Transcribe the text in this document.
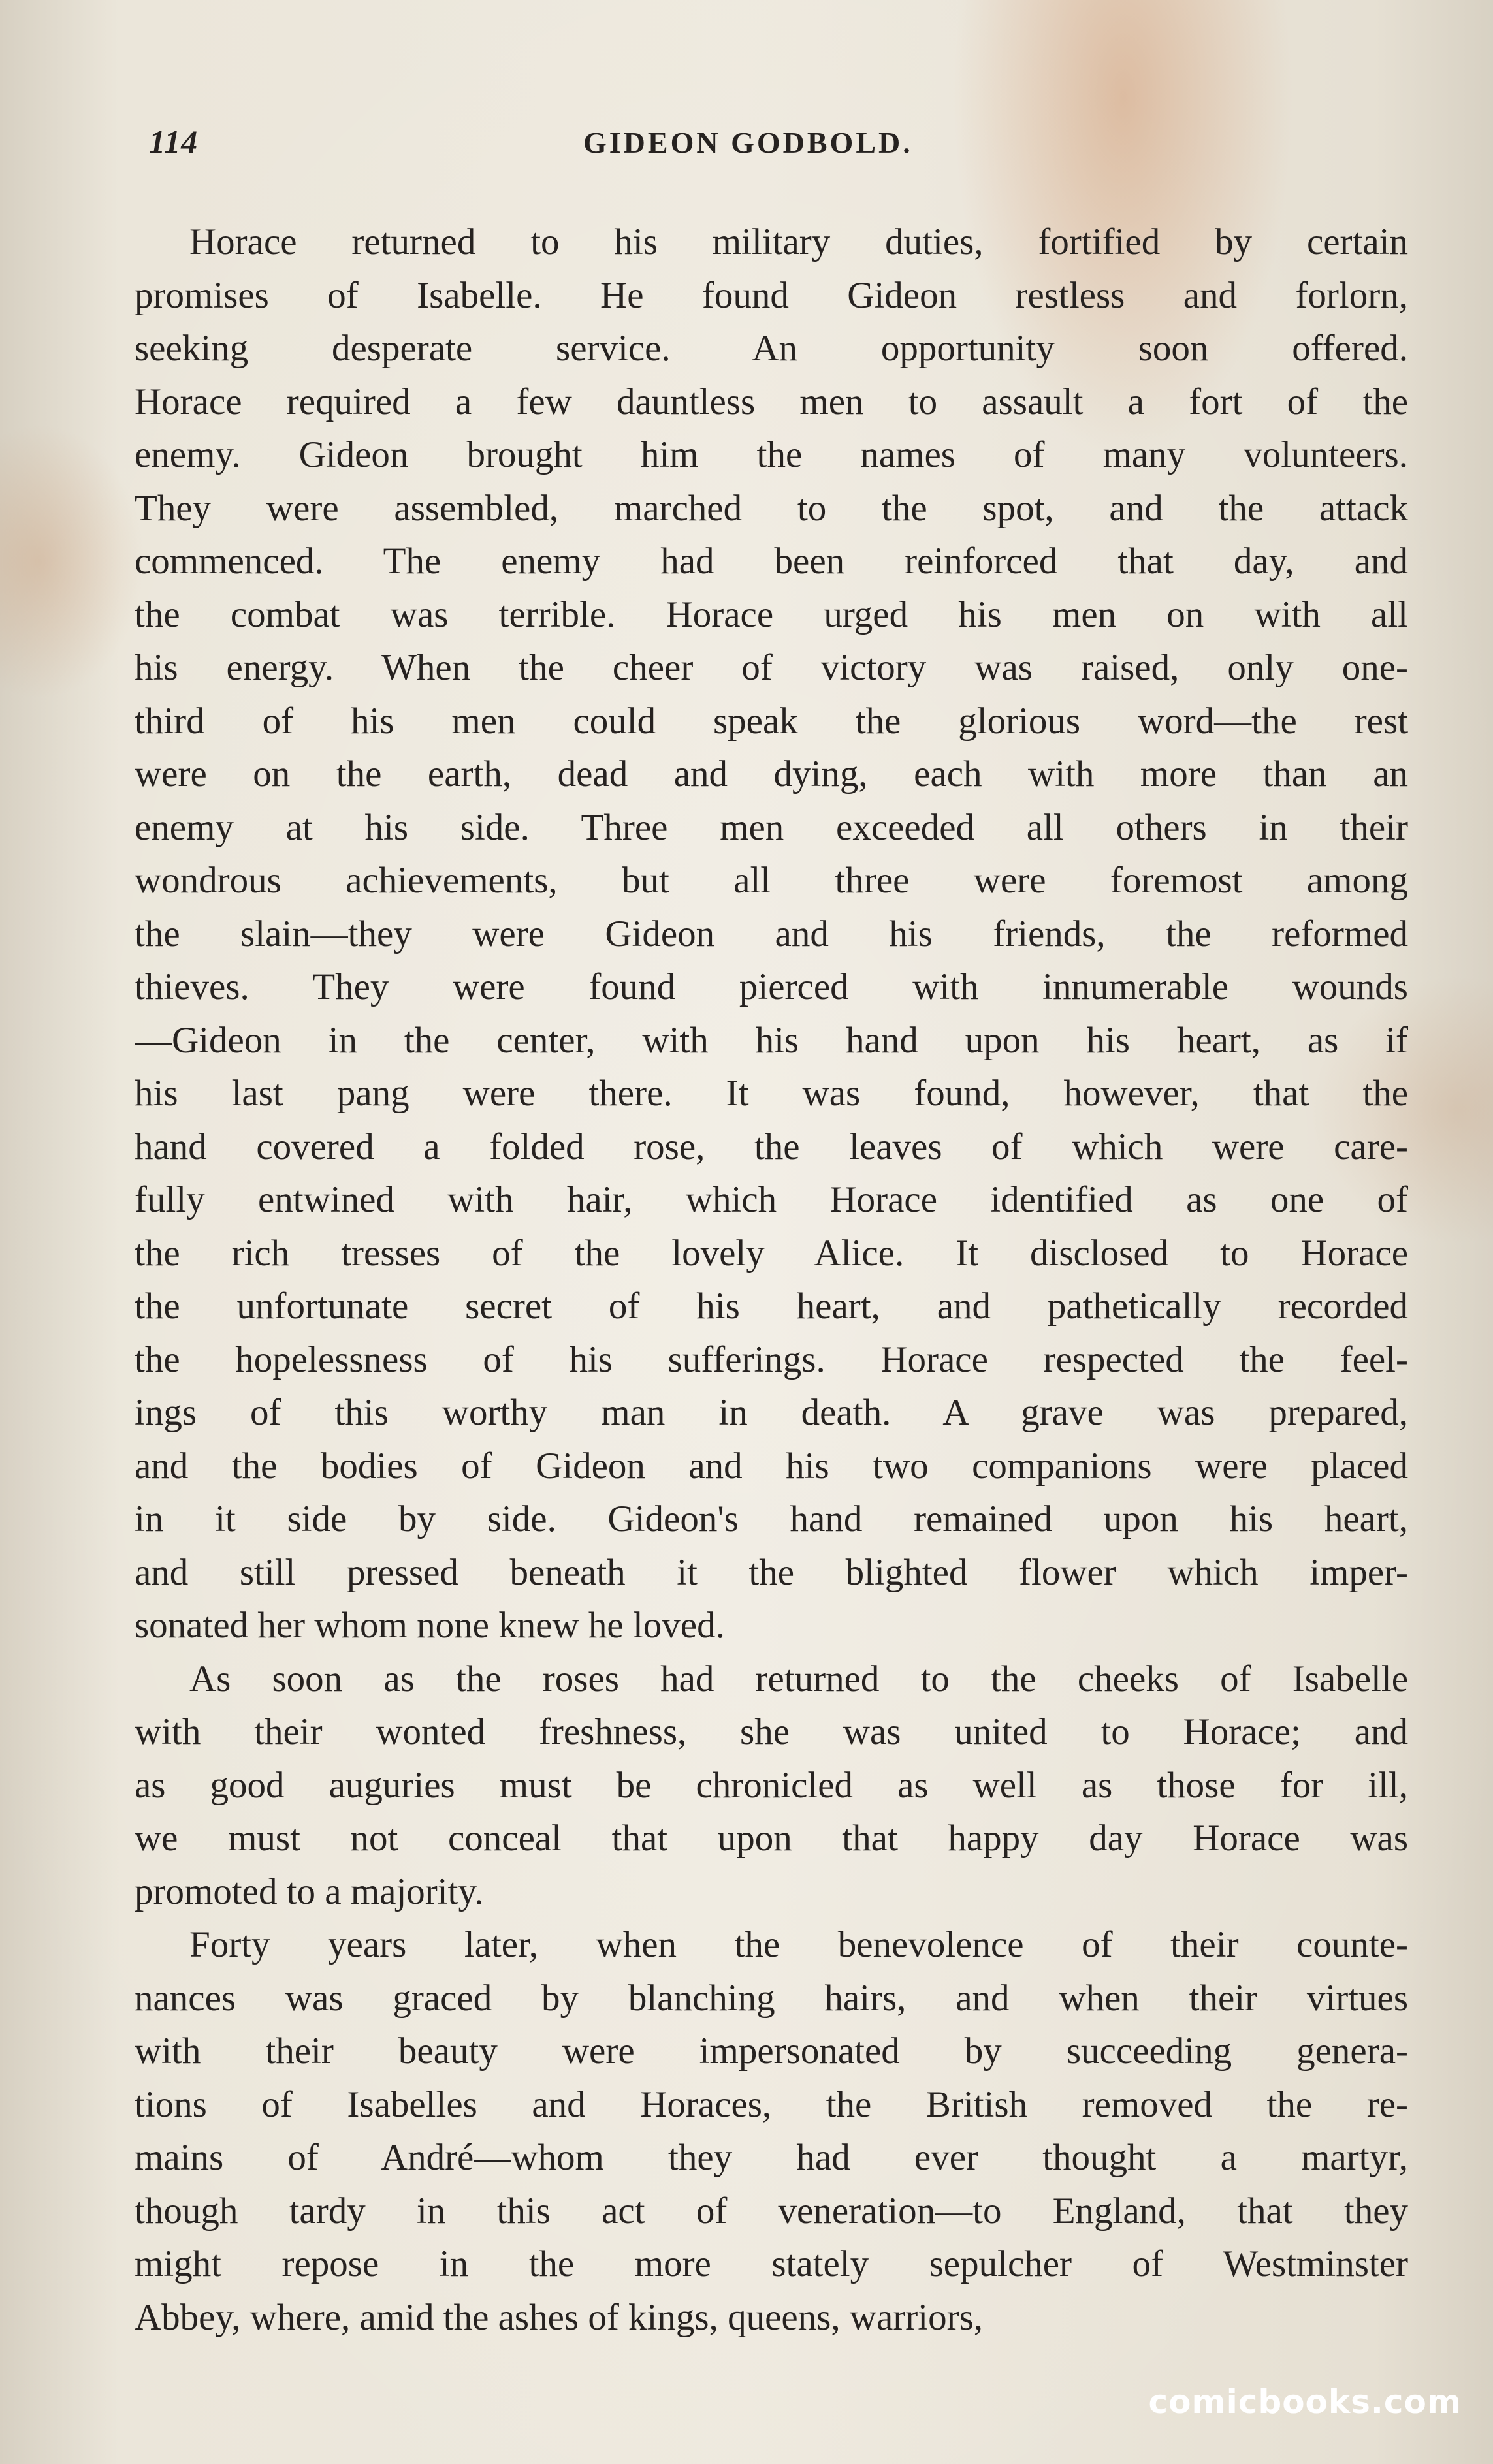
114	GIDEON GODBOLD.
Horace returned to his military duties, fortified by certain
promises of Isabelle. He found Gideon restless and forlorn,
seeking desperate service. An opportunity soon offered.
Horace required a few dauntless men to assault a fort of the
enemy. Gideon brought him the names of many volunteers.
They were assembled, marched to the spot, and the attack
commenced. The enemy had been reinforced that day, and
the combat was terrible. Horace urged his men on with all
his energy. When the cheer of victory was raised, only one-
third of his men could speak the glorious word—the rest
were on the earth, dead and dying, each with more than an
enemy at his side. Three men exceeded all others in their
wondrous achievements, but all three were foremost among
the slain—they were Gideon and his friends, the reformed
thieves. They were found pierced with innumerable wounds
—Gideon in the center, with his hand upon his heart, as if
his last pang were there. It was found, however, that the
hand covered a folded rose, the leaves of which were care-
fully entwined with hair, which Horace identified as one of
the rich tresses of the lovely Alice. It disclosed to Horace
the unfortunate secret of his heart, and pathetically recorded
the hopelessness of his sufferings. Horace respected the feel-
ings of this worthy man in death. A grave was prepared,
and the bodies of Gideon and his two companions were placed
in it side by side. Gideon's hand remained upon his heart,
and still pressed beneath it the blighted flower which imper-
sonated her whom none knew he loved.
As soon as the roses had returned to the cheeks of Isabelle
with their wonted freshness, she was united to Horace; and
as good auguries must be chronicled as well as those for ill,
we must not conceal that upon that happy day Horace was
promoted to a majority.
Forty years later, when the benevolence of their counte-
nances was graced by blanching hairs, and when their virtues
with their beauty were impersonated by succeeding genera-
tions of Isabelles and Horaces, the British removed the re-
mains of André—whom they had ever thought a martyr,
though tardy in this act of veneration—to England, that they
might repose in the more stately sepulcher of Westminster
Abbey, where, amid the ashes of kings, queens, warriors,
comicbooks.com
